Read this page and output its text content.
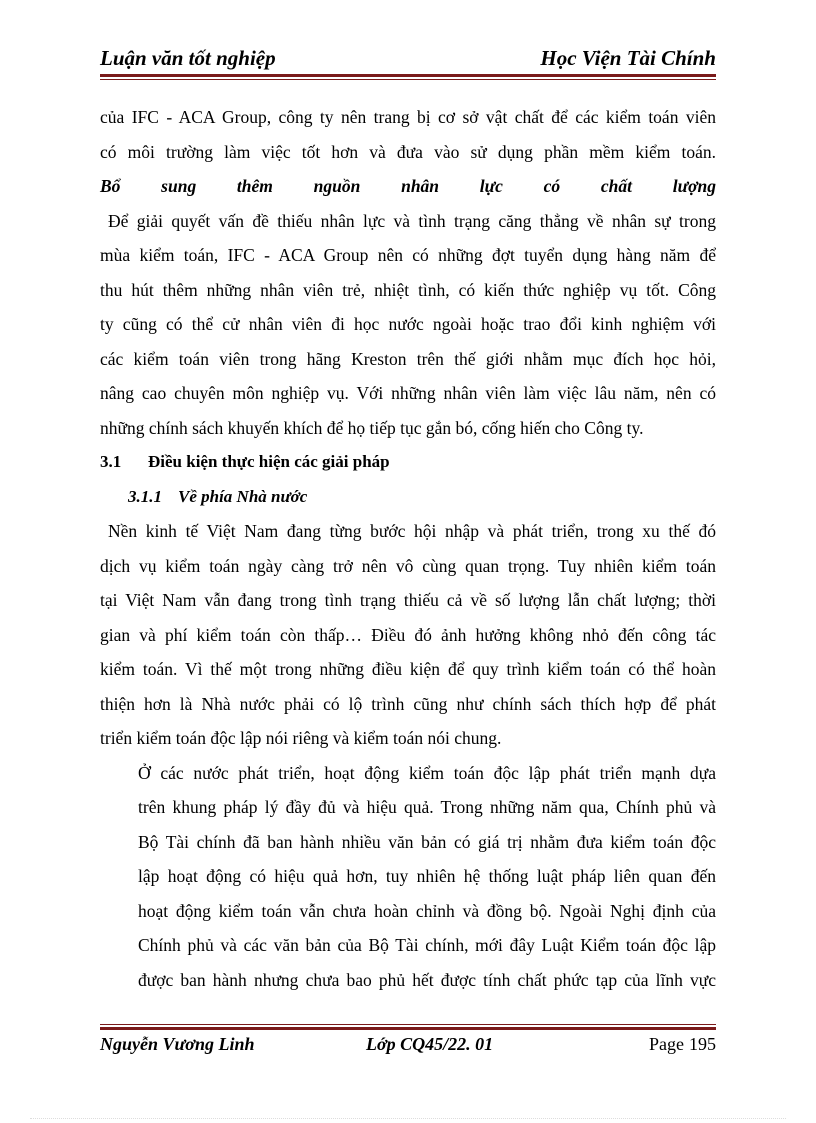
Luận văn tốt nghiệp	Học Viện Tài Chính
của IFC - ACA Group, công ty nên trang bị cơ sở vật chất để các kiểm toán viên
có môi trường làm việc tốt hơn và đưa vào sử dụng phần mềm kiểm toán.
Bổ sung thêm nguồn nhân lực có chất lượng
Để giải quyết vấn đề thiếu nhân lực và tình trạng căng thẳng về nhân sự trong
mùa kiểm toán, IFC - ACA Group nên có những đợt tuyển dụng hàng năm để
thu hút thêm những nhân viên trẻ, nhiệt tình, có kiến thức nghiệp vụ tốt. Công
ty cũng có thể cử nhân viên đi học nước ngoài hoặc trao đổi kinh nghiệm với
các kiểm toán viên trong hãng Kreston trên thế giới nhằm mục đích học hỏi,
nâng cao chuyên môn nghiệp vụ. Với những nhân viên làm việc lâu năm, nên có
những chính sách khuyến khích để họ tiếp tục gắn bó, cống hiến cho Công ty.
3.1 Điều kiện thực hiện các giải pháp
3.1.1 Về phía Nhà nước
Nền kinh tế Việt Nam đang từng bước hội nhập và phát triển, trong xu thế đó
dịch vụ kiểm toán ngày càng trở nên vô cùng quan trọng. Tuy nhiên kiểm toán
tại Việt Nam vẫn đang trong tình trạng thiếu cả về số lượng lẫn chất lượng; thời
gian và phí kiểm toán còn thấp… Điều đó ảnh hưởng không nhỏ đến công tác
kiểm toán. Vì thế một trong những điều kiện để quy trình kiểm toán có thể hoàn
thiện hơn là Nhà nước phải có lộ trình cũng như chính sách thích hợp để phát
triển kiểm toán độc lập nói riêng và kiểm toán nói chung.
Ở các nước phát triển, hoạt động kiểm toán độc lập phát triển mạnh dựa
trên khung pháp lý đầy đủ và hiệu quả. Trong những năm qua, Chính phủ và
Bộ Tài chính đã ban hành nhiều văn bản có giá trị nhằm đưa kiểm toán độc
lập hoạt động có hiệu quả hơn, tuy nhiên hệ thống luật pháp liên quan đến
hoạt động kiểm toán vẫn chưa hoàn chỉnh và đồng bộ. Ngoài Nghị định của
Chính phủ và các văn bản của Bộ Tài chính, mới đây Luật Kiểm toán độc lập
được ban hành nhưng chưa bao phủ hết được tính chất phức tạp của lĩnh vực
Nguyễn Vương Linh	Lớp CQ45/22. 01	Page 195
